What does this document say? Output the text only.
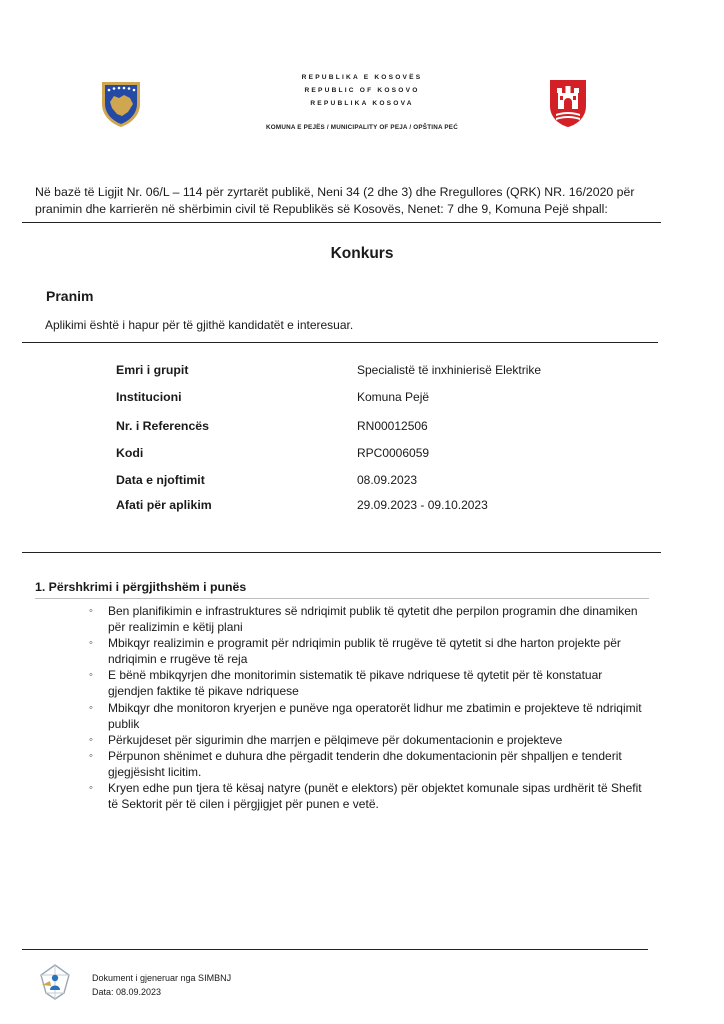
REPUBLIKA E KOSOVËS
REPUBLIC OF KOSOVO
REPUBLIKA KOSOVA
KOMUNA E PEJËS / MUNICIPALITY OF PEJA / OPŠTINA PEĆ
Në bazë të Ligjit Nr. 06/L – 114 për zyrtarët publikë, Neni 34 (2 dhe 3) dhe Rregullores (QRK) NR. 16/2020 për pranimin dhe karrierën në shërbimin civil të Republikës së Kosovës, Nenet: 7 dhe 9, Komuna Pejë shpall:
Konkurs
Pranim
Aplikimi është i hapur për të gjithë kandidatët e interesuar.
Emri i grupit	Specialistë të inxhinierisë Elektrike
Institucioni	Komuna Pejë
Nr. i Referencës	RN00012506
Kodi	RPC0006059
Data e njoftimit	08.09.2023
Afati për aplikim	29.09.2023 - 09.10.2023
1. Përshkrimi i përgjithshëm i punës
◦ Ben planifikimin e infrastruktures së ndriqimit publik të qytetit dhe perpilon programin dhe dinamiken për realizimin e këtij plani
◦ Mbikqyr realizimin e programit për ndriqimin publik të rrugëve të qytetit si dhe harton projekte për ndriqimin e rrugëve të reja
◦ E bënë mbikqyrjen dhe monitorimin sistematik të pikave ndriquese të qytetit për të konstatuar gjendjen faktike të pikave ndriquese
◦ Mbikqyr dhe monitoron kryerjen e punëve nga operatorët lidhur me zbatimin e projekteve të ndriqimit publik
◦ Përkujdeset për sigurimin dhe marrjen e pëlqimeve për dokumentacionin e projekteve
◦ Përpunon shënimet e duhura dhe përgadit tenderin dhe dokumentacionin për shpalljen e tenderit gjegjësisht licitim.
◦ Kryen edhe pun tjera të kësaj natyre (punët e elektors) për objektet komunale sipas urdhërit të Shefit të Sektorit për të cilen i përgjigjet për punen e vetë.
Dokument i gjeneruar nga SIMBNJ
Data: 08.09.2023
